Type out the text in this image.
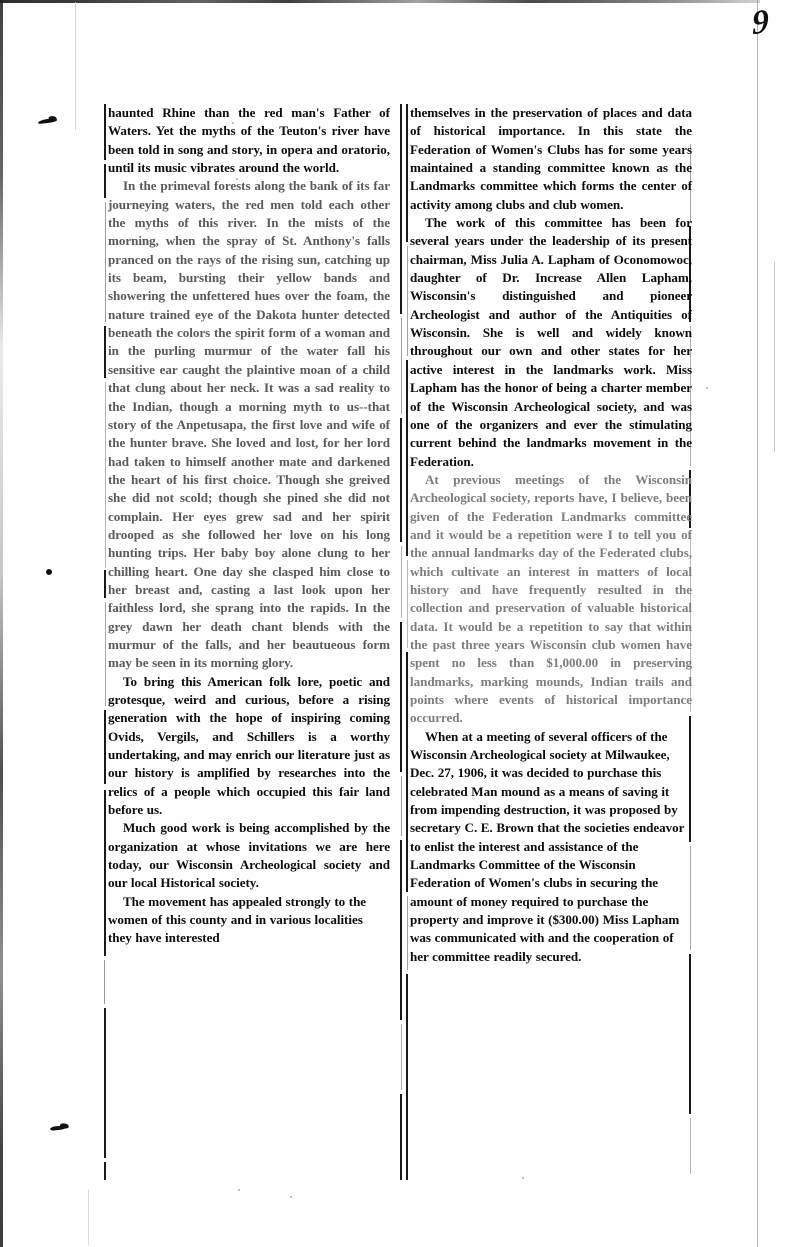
9

haunted Rhine than the red man's Father of Waters. Yet the myths of the Teuton's river have been told in song and story, in opera and oratorio, until its music vibrates around the world.

In the primeval forests along the bank of its far journeying waters, the red men told each other the myths of this river. In the mists of the morning, when the spray of St. Anthony's falls pranced on the rays of the rising sun, catching up its beam, bursting their yellow bands and showering the unfettered hues over the foam, the nature trained eye of the Dakota hunter detected beneath the colors the spirit form of a woman and in the purling murmur of the water fall his sensitive ear caught the plaintive moan of a child that clung about her neck. It was a sad reality to the Indian, though a morning myth to us--that story of the Anpetusapa, the first love and wife of the hunter brave. She loved and lost, for her lord had taken to himself another mate and darkened the heart of his first choice. Though she greived she did not scold; though she pined she did not complain. Her eyes grew sad and her spirit drooped as she followed her love on his long hunting trips. Her baby boy alone clung to her chilling heart. One day she clasped him close to her breast and, casting a last look upon her faithless lord, she sprang into the rapids. In the grey dawn her death chant blends with the murmur of the falls, and her beautueous form may be seen in its morning glory.

To bring this American folk lore, poetic and grotesque, weird and curious, before a rising generation with the hope of inspiring coming Ovids, Vergils, and Schillers is a worthy undertaking, and may enrich our literature just as our history is amplified by researches into the relics of a people which occupied this fair land before us.

Much good work is being accomplished by the organization at whose invitations we are here today, our Wisconsin Archeological society and our local Historical society.

The movement has appealed strongly to the women of this county and in various localities they have interested

themselves in the preservation of places and data of historical importance. In this state the Federation of Women's Clubs has for some years maintained a standing committee known as the Landmarks committee which forms the center of activity among clubs and club women.

The work of this committee has been for several years under the leadership of its present chairman, Miss Julia A. Lapham of Oconomowoc, daughter of Dr. Increase Allen Lapham, Wisconsin's distinguished and pioneer Archeologist and author of the Antiquities of Wisconsin. She is well and widely known throughout our own and other states for her active interest in the landmarks work. Miss Lapham has the honor of being a charter member of the Wisconsin Archeological society, and was one of the organizers and ever the stimulating current behind the landmarks movement in the Federation.

At previous meetings of the Wisconsin Archeological society, reports have, I believe, been given of the Federation Landmarks committee and it would be a repetition were I to tell you of the annual landmarks day of the Federated clubs, which cultivate an interest in matters of local history and have frequently resulted in the collection and preservation of valuable historical data. It would be a repetition to say that within the past three years Wisconsin club women have spent no less than $1,000.00 in preserving landmarks, marking mounds, Indian trails and points where events of historical importance occurred.

When at a meeting of several officers of the Wisconsin Archeological society at Milwaukee, Dec. 27, 1906, it was decided to purchase this celebrated Man mound as a means of saving it from impending destruction, it was proposed by secretary C. E. Brown that the societies endeavor to enlist the interest and assistance of the Landmarks Committee of the Wisconsin Federation of Women's clubs in securing the amount of money required to purchase the property and improve it ($300.00) Miss Lapham was communicated with and the cooperation of her committee readily secured.
